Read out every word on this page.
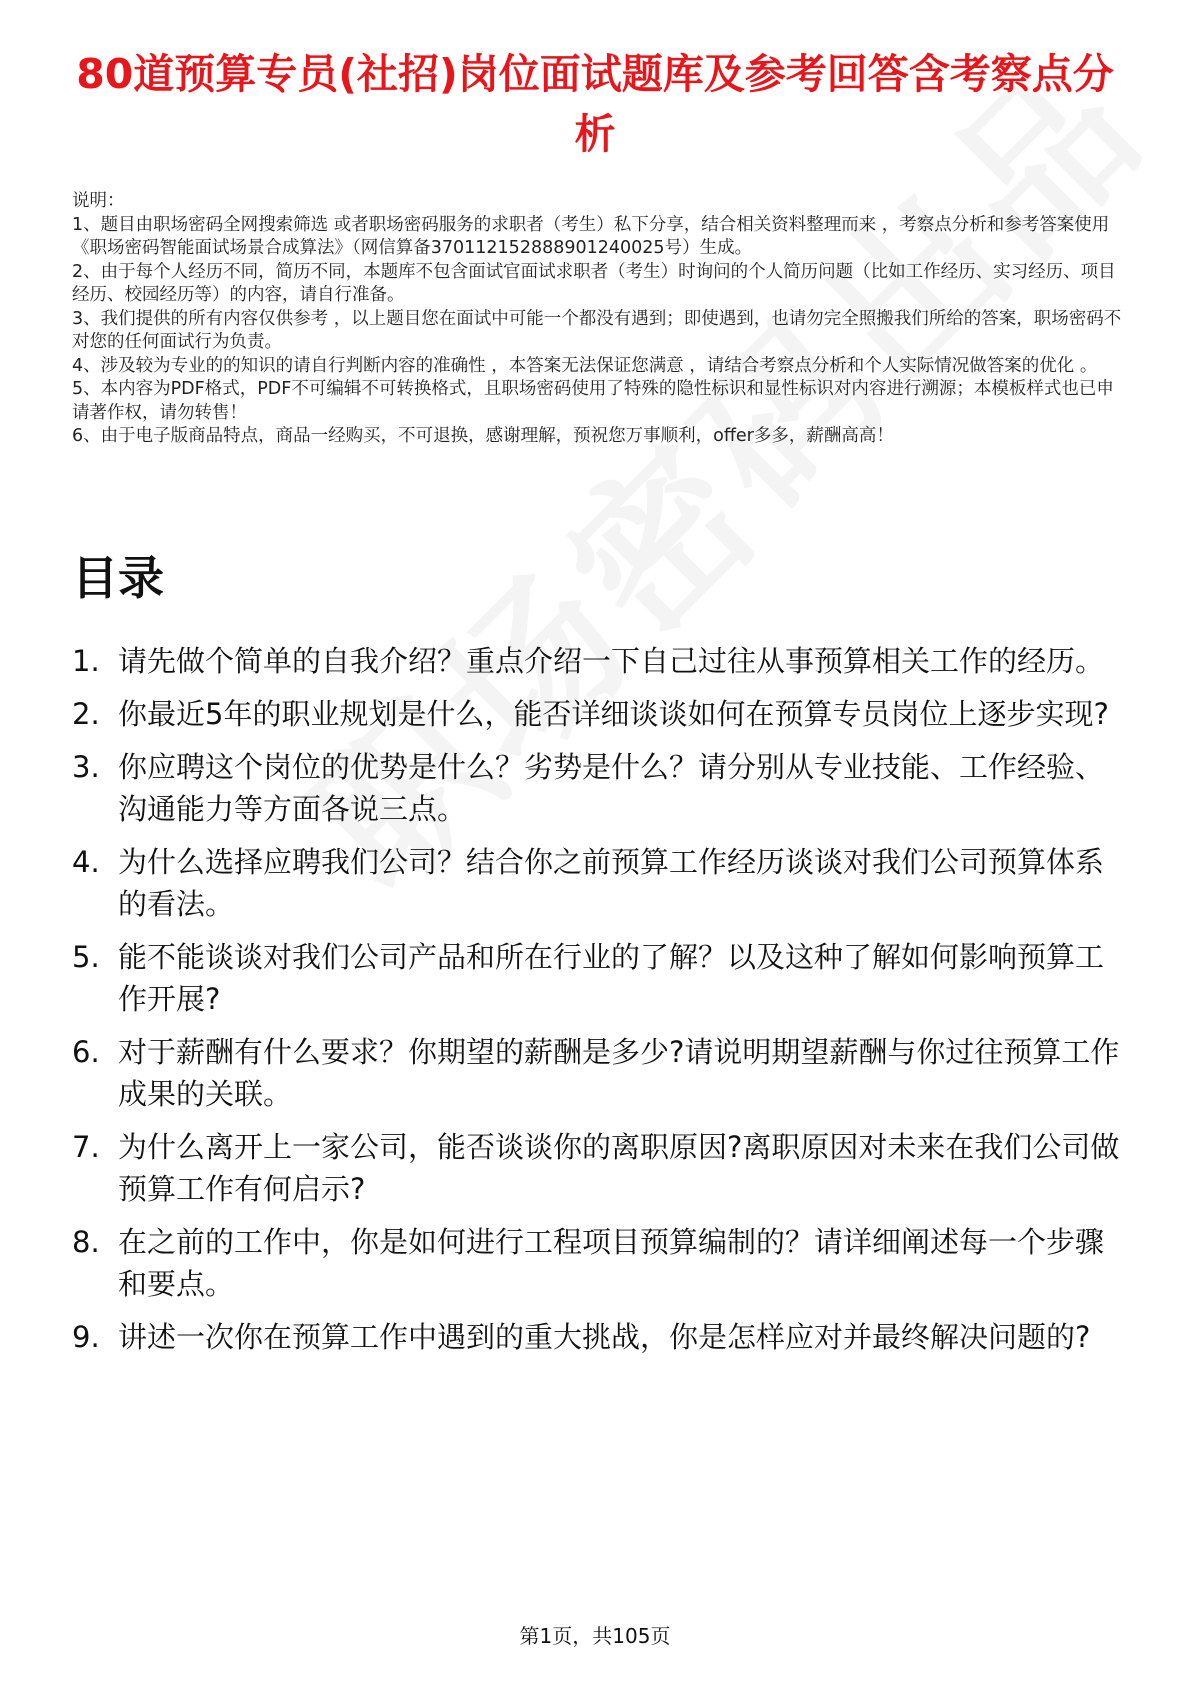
80道预算专员(社招)岗位面试题库及参考回答含考察点分析

说明：

1、题目由职场密码全网搜索筛选 或者职场密码服务的求职者（考生）私下分享，结合相关资料整理而来 ，考察点分析和参考答案使用《职场密码智能面试场景合成算法》（网信算备370112152888901240025号）生成。

2、由于每个人经历不同，简历不同，本题库不包含面试官面试求职者（考生）时询问的个人简历问题（比如工作经历、实习经历、项目经历、校园经历等）的内容，请自行准备。

3、我们提供的所有内容仅供参考 ，以上题目您在面试中可能一个都没有遇到；即使遇到，也请勿完全照搬我们所给的答案，职场密码不对您的任何面试行为负责。

4、涉及较为专业的的知识的请自行判断内容的准确性 ，本答案无法保证您满意 ，请结合考察点分析和个人实际情况做答案的优化 。

5、本内容为PDF格式，PDF不可编辑不可转换格式，且职场密码使用了特殊的隐性标识和显性标识对内容进行溯源；本模板样式也已申请著作权，请勿转售！

6、由于电子版商品特点，商品一经购买，不可退换，感谢理解，预祝您万事顺利，offer多多，薪酬高高！

目录
1. 请先做个简单的自我介绍？重点介绍一下自己过往从事预算相关工作的经历。
2. 你最近5年的职业规划是什么，能否详细谈谈如何在预算专员岗位上逐步实现?
3. 你应聘这个岗位的优势是什么？劣势是什么？请分别从专业技能、工作经验、沟通能力等方面各说三点。
4. 为什么选择应聘我们公司？结合你之前预算工作经历谈谈对我们公司预算体系的看法。
5. 能不能谈谈对我们公司产品和所在行业的了解？以及这种了解如何影响预算工作开展?
6. 对于薪酬有什么要求？你期望的薪酬是多少?请说明期望薪酬与你过往预算工作成果的关联。
7. 为什么离开上一家公司，能否谈谈你的离职原因?离职原因对未来在我们公司做预算工作有何启示?
8. 在之前的工作中，你是如何进行工程项目预算编制的？请详细阐述每一个步骤和要点。
9. 讲述一次你在预算工作中遇到的重大挑战，你是怎样应对并最终解决问题的?
第1页，共105页
